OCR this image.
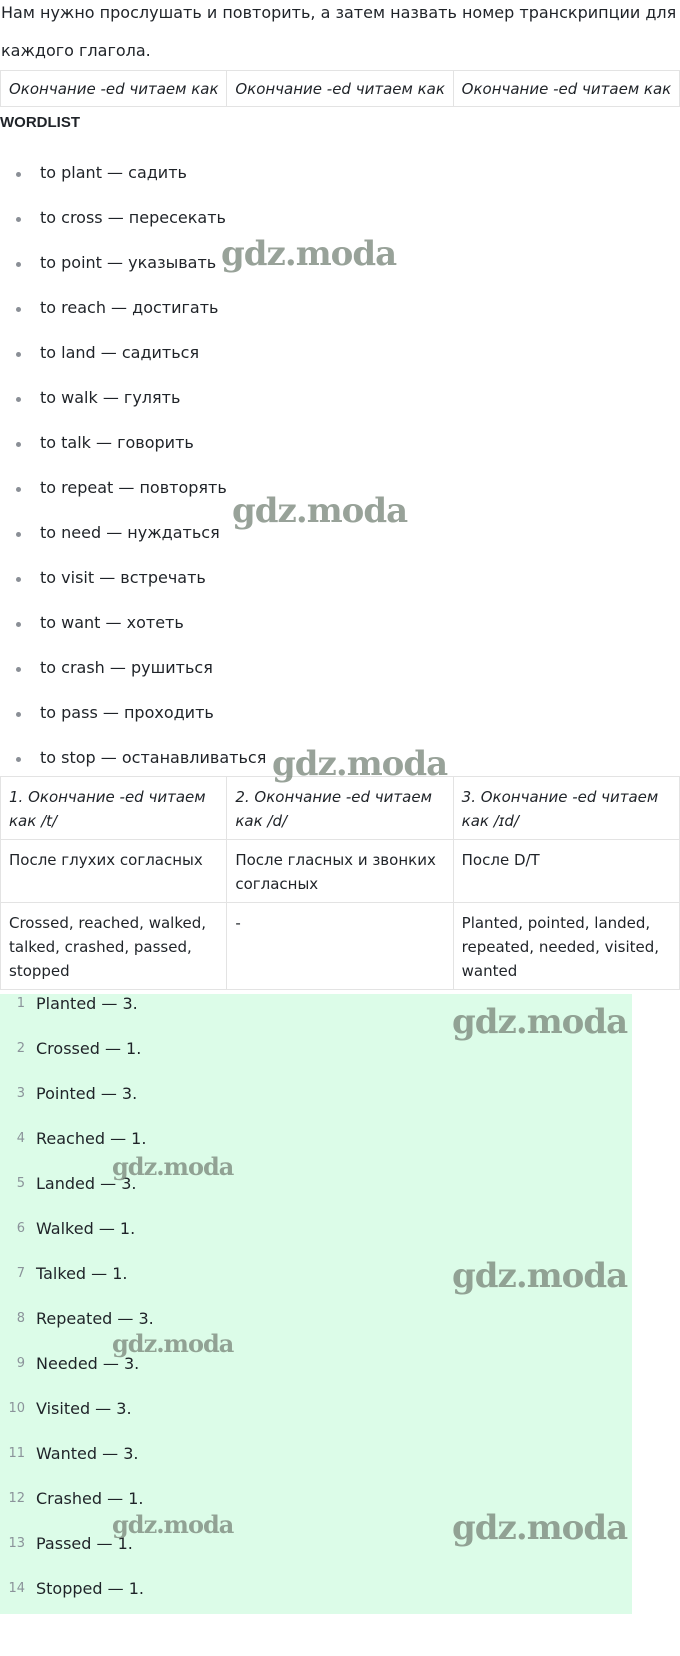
Нам нужно прослушать и повторить, а затем назвать номер транскрипции для
каждого глагола.
Окончание -ed читаем как	Окончание -ed читаем как	Окончание -ed читаем как
WORDLIST
to plant — садить
to cross — пересекать
to point — указывать
to reach — достигать
to land — садиться
to walk — гулять
to talk — говорить
to repeat — повторять
to need — нуждаться
to visit — встречать
to want — хотеть
to crash — рушиться
to pass — проходить
to stop — останавливаться
1. Окончание -ed читаем как /t/	2. Окончание -ed читаем как /d/	3. Окончание -ed читаем как /ɪd/
После глухих согласных	После гласных и звонких согласных	После D/T
Crossed, reached, walked, talked, crashed, passed, stopped	-	Planted, pointed, landed, repeated, needed, visited, wanted
1 Planted — 3.
2 Crossed — 1.
3 Pointed — 3.
4 Reached — 1.
5 Landed — 3.
6 Walked — 1.
7 Talked — 1.
8 Repeated — 3.
9 Needed — 3.
10 Visited — 3.
11 Wanted — 3.
12 Crashed — 1.
13 Passed — 1.
14 Stopped — 1.
gdz.moda
gdz.moda
gdz.moda
gdz.moda
gdz.moda
gdz.moda
gdz.moda
gdz.moda	gdz.moda
